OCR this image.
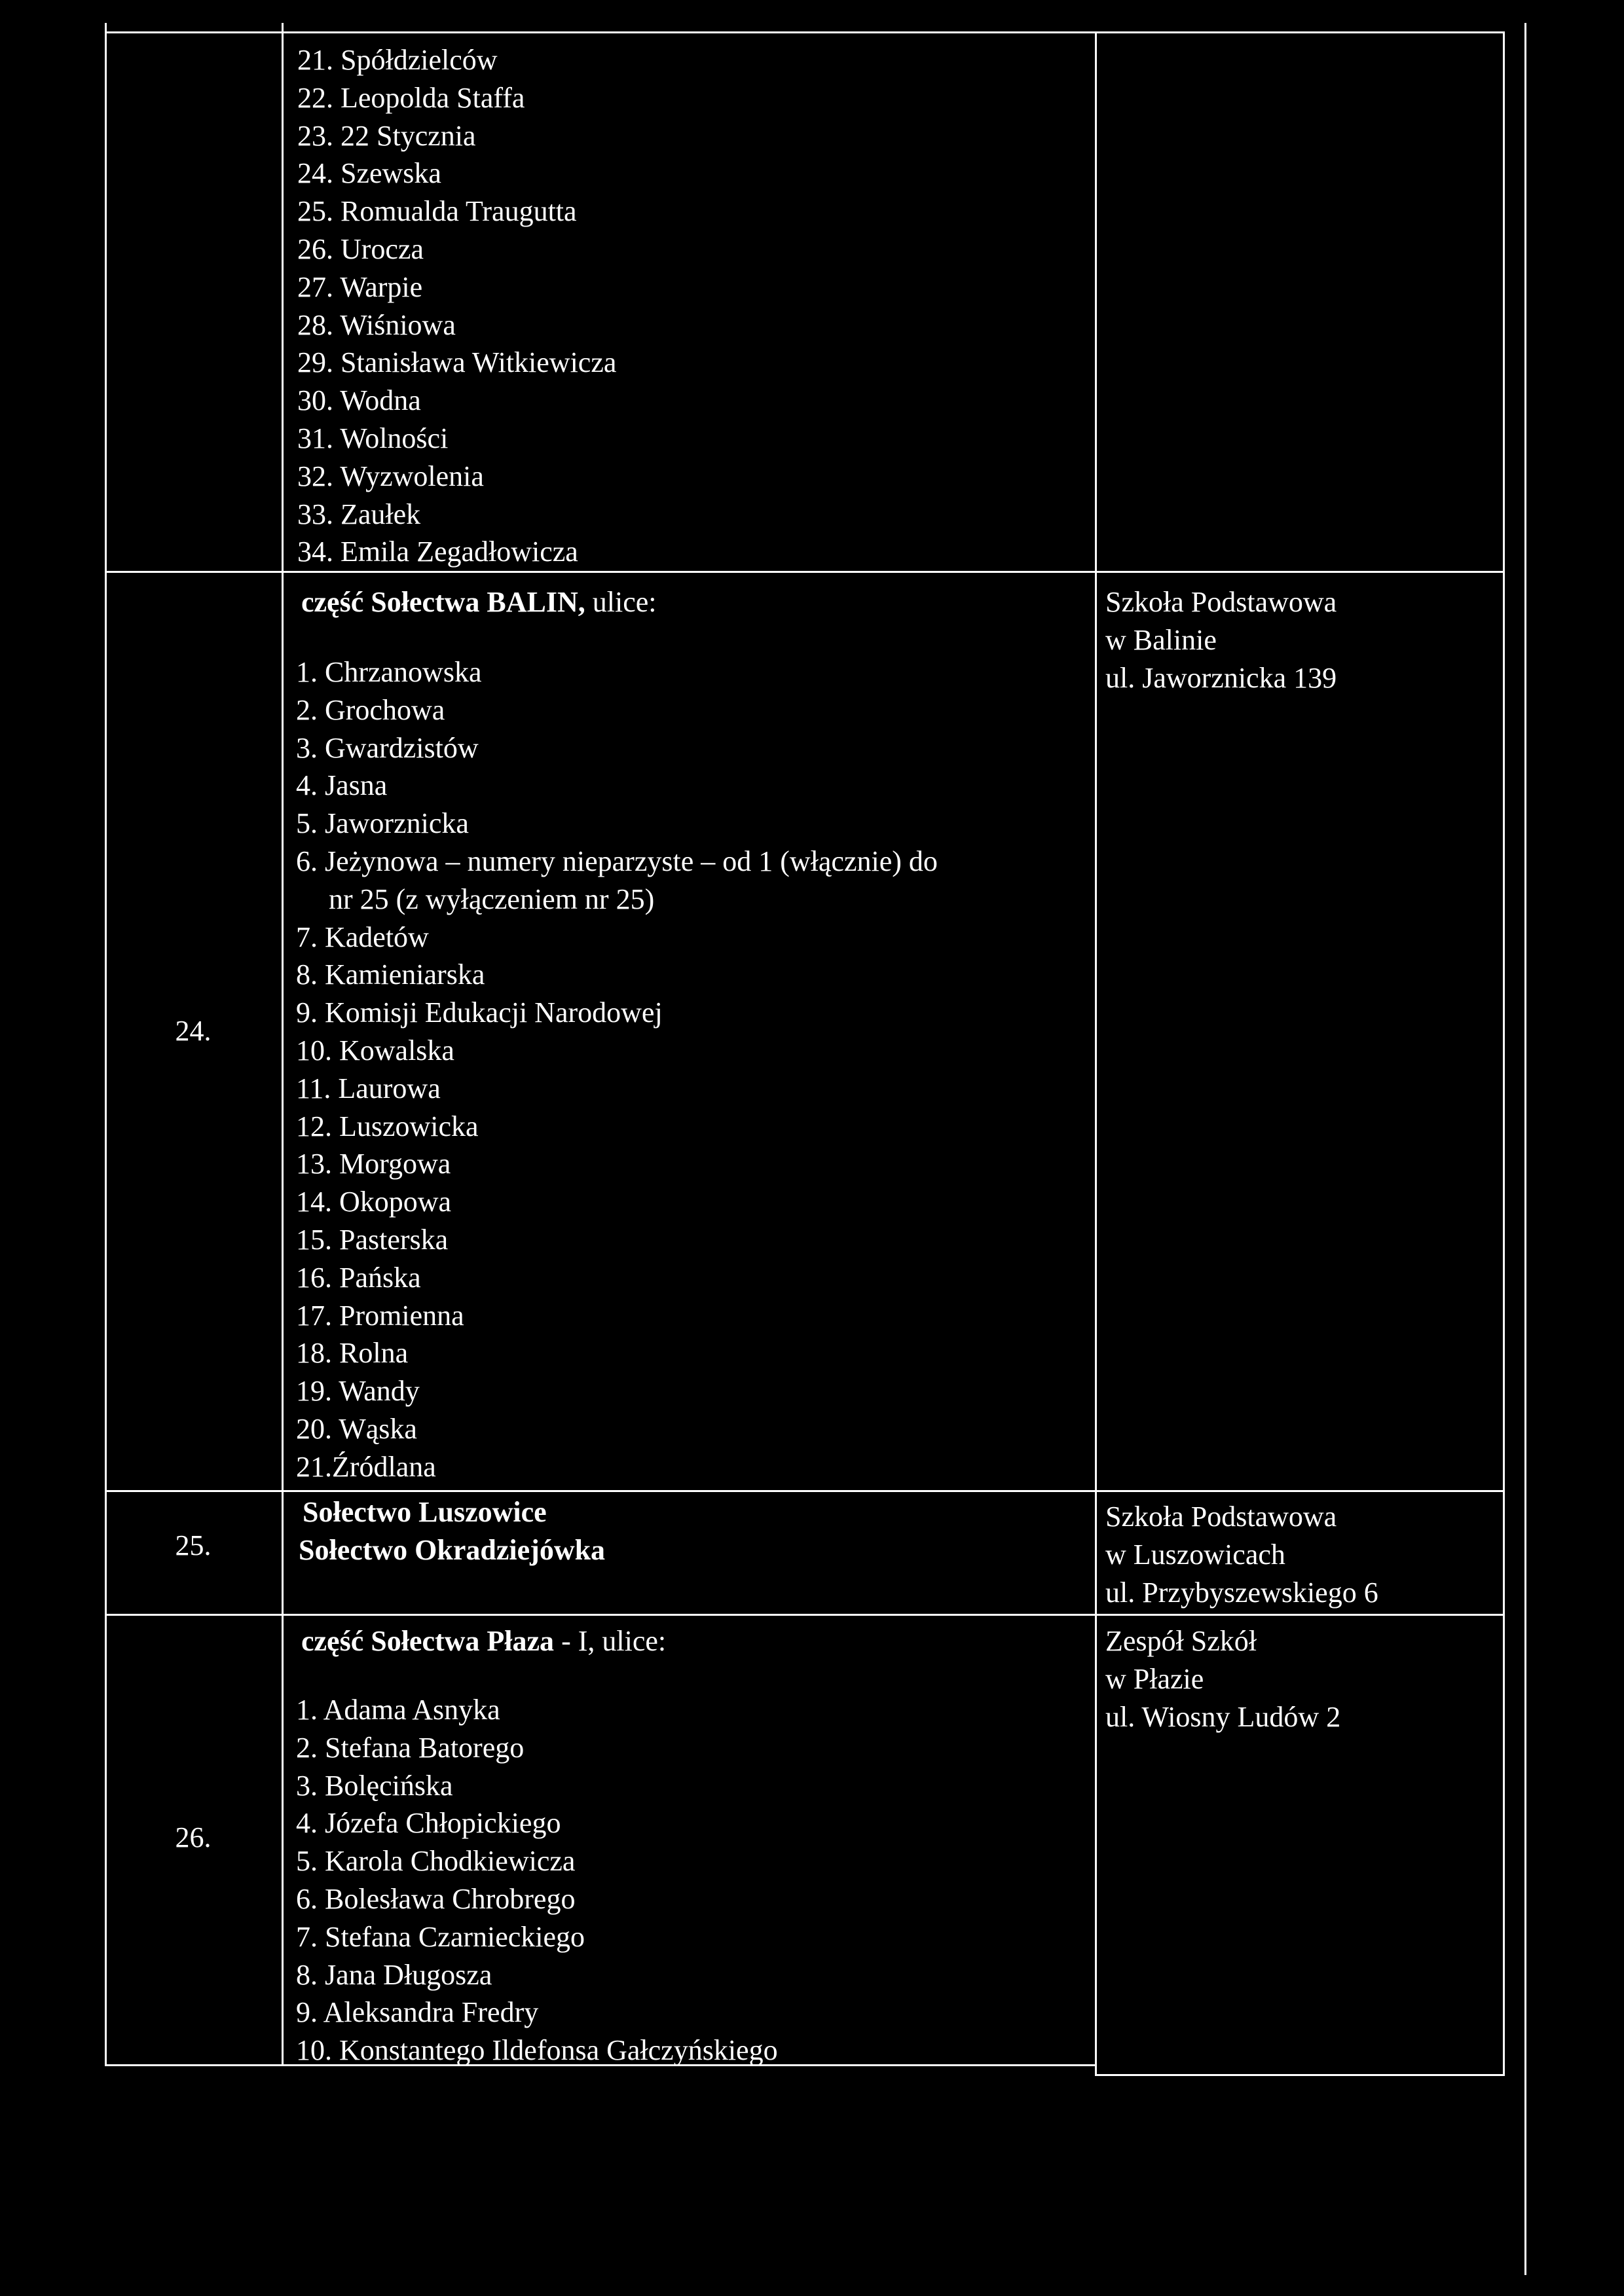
21. Spółdzielców
22. Leopolda Staffa
23. 22 Stycznia
24. Szewska
25. Romualda Traugutta
26. Urocza
27. Warpie
28. Wiśniowa
29. Stanisława Witkiewicza
30. Wodna
31. Wolności
32. Wyzwolenia
33. Zaułek
34. Emila Zegadłowicza
24.
część Sołectwa BALIN, ulice:
1. Chrzanowska
2. Grochowa
3. Gwardzistów
4. Jasna
5. Jaworznicka
6. Jeżynowa – numery nieparzyste – od 1 (włącznie) do
nr 25 (z wyłączeniem nr 25)
7. Kadetów
8. Kamieniarska
9. Komisji Edukacji Narodowej
10. Kowalska
11. Laurowa
12. Luszowicka
13. Morgowa
14. Okopowa
15. Pasterska
16. Pańska
17. Promienna
18. Rolna
19. Wandy
20. Wąska
21.Źródlana
Szkoła Podstawowa
w Balinie
ul. Jaworznicka 139
25.
Sołectwo Luszowice
Sołectwo Okradziejówka
Szkoła Podstawowa
w Luszowicach
ul. Przybyszewskiego 6
26.
część Sołectwa Płaza - I, ulice:
1. Adama Asnyka
2. Stefana Batorego
3. Bolęcińska
4. Józefa Chłopickiego
5. Karola Chodkiewicza
6. Bolesława Chrobrego
7. Stefana Czarnieckiego
8. Jana Długosza
9. Aleksandra Fredry
10. Konstantego Ildefonsa Gałczyńskiego
Zespół Szkół
w Płazie
ul. Wiosny Ludów 2
